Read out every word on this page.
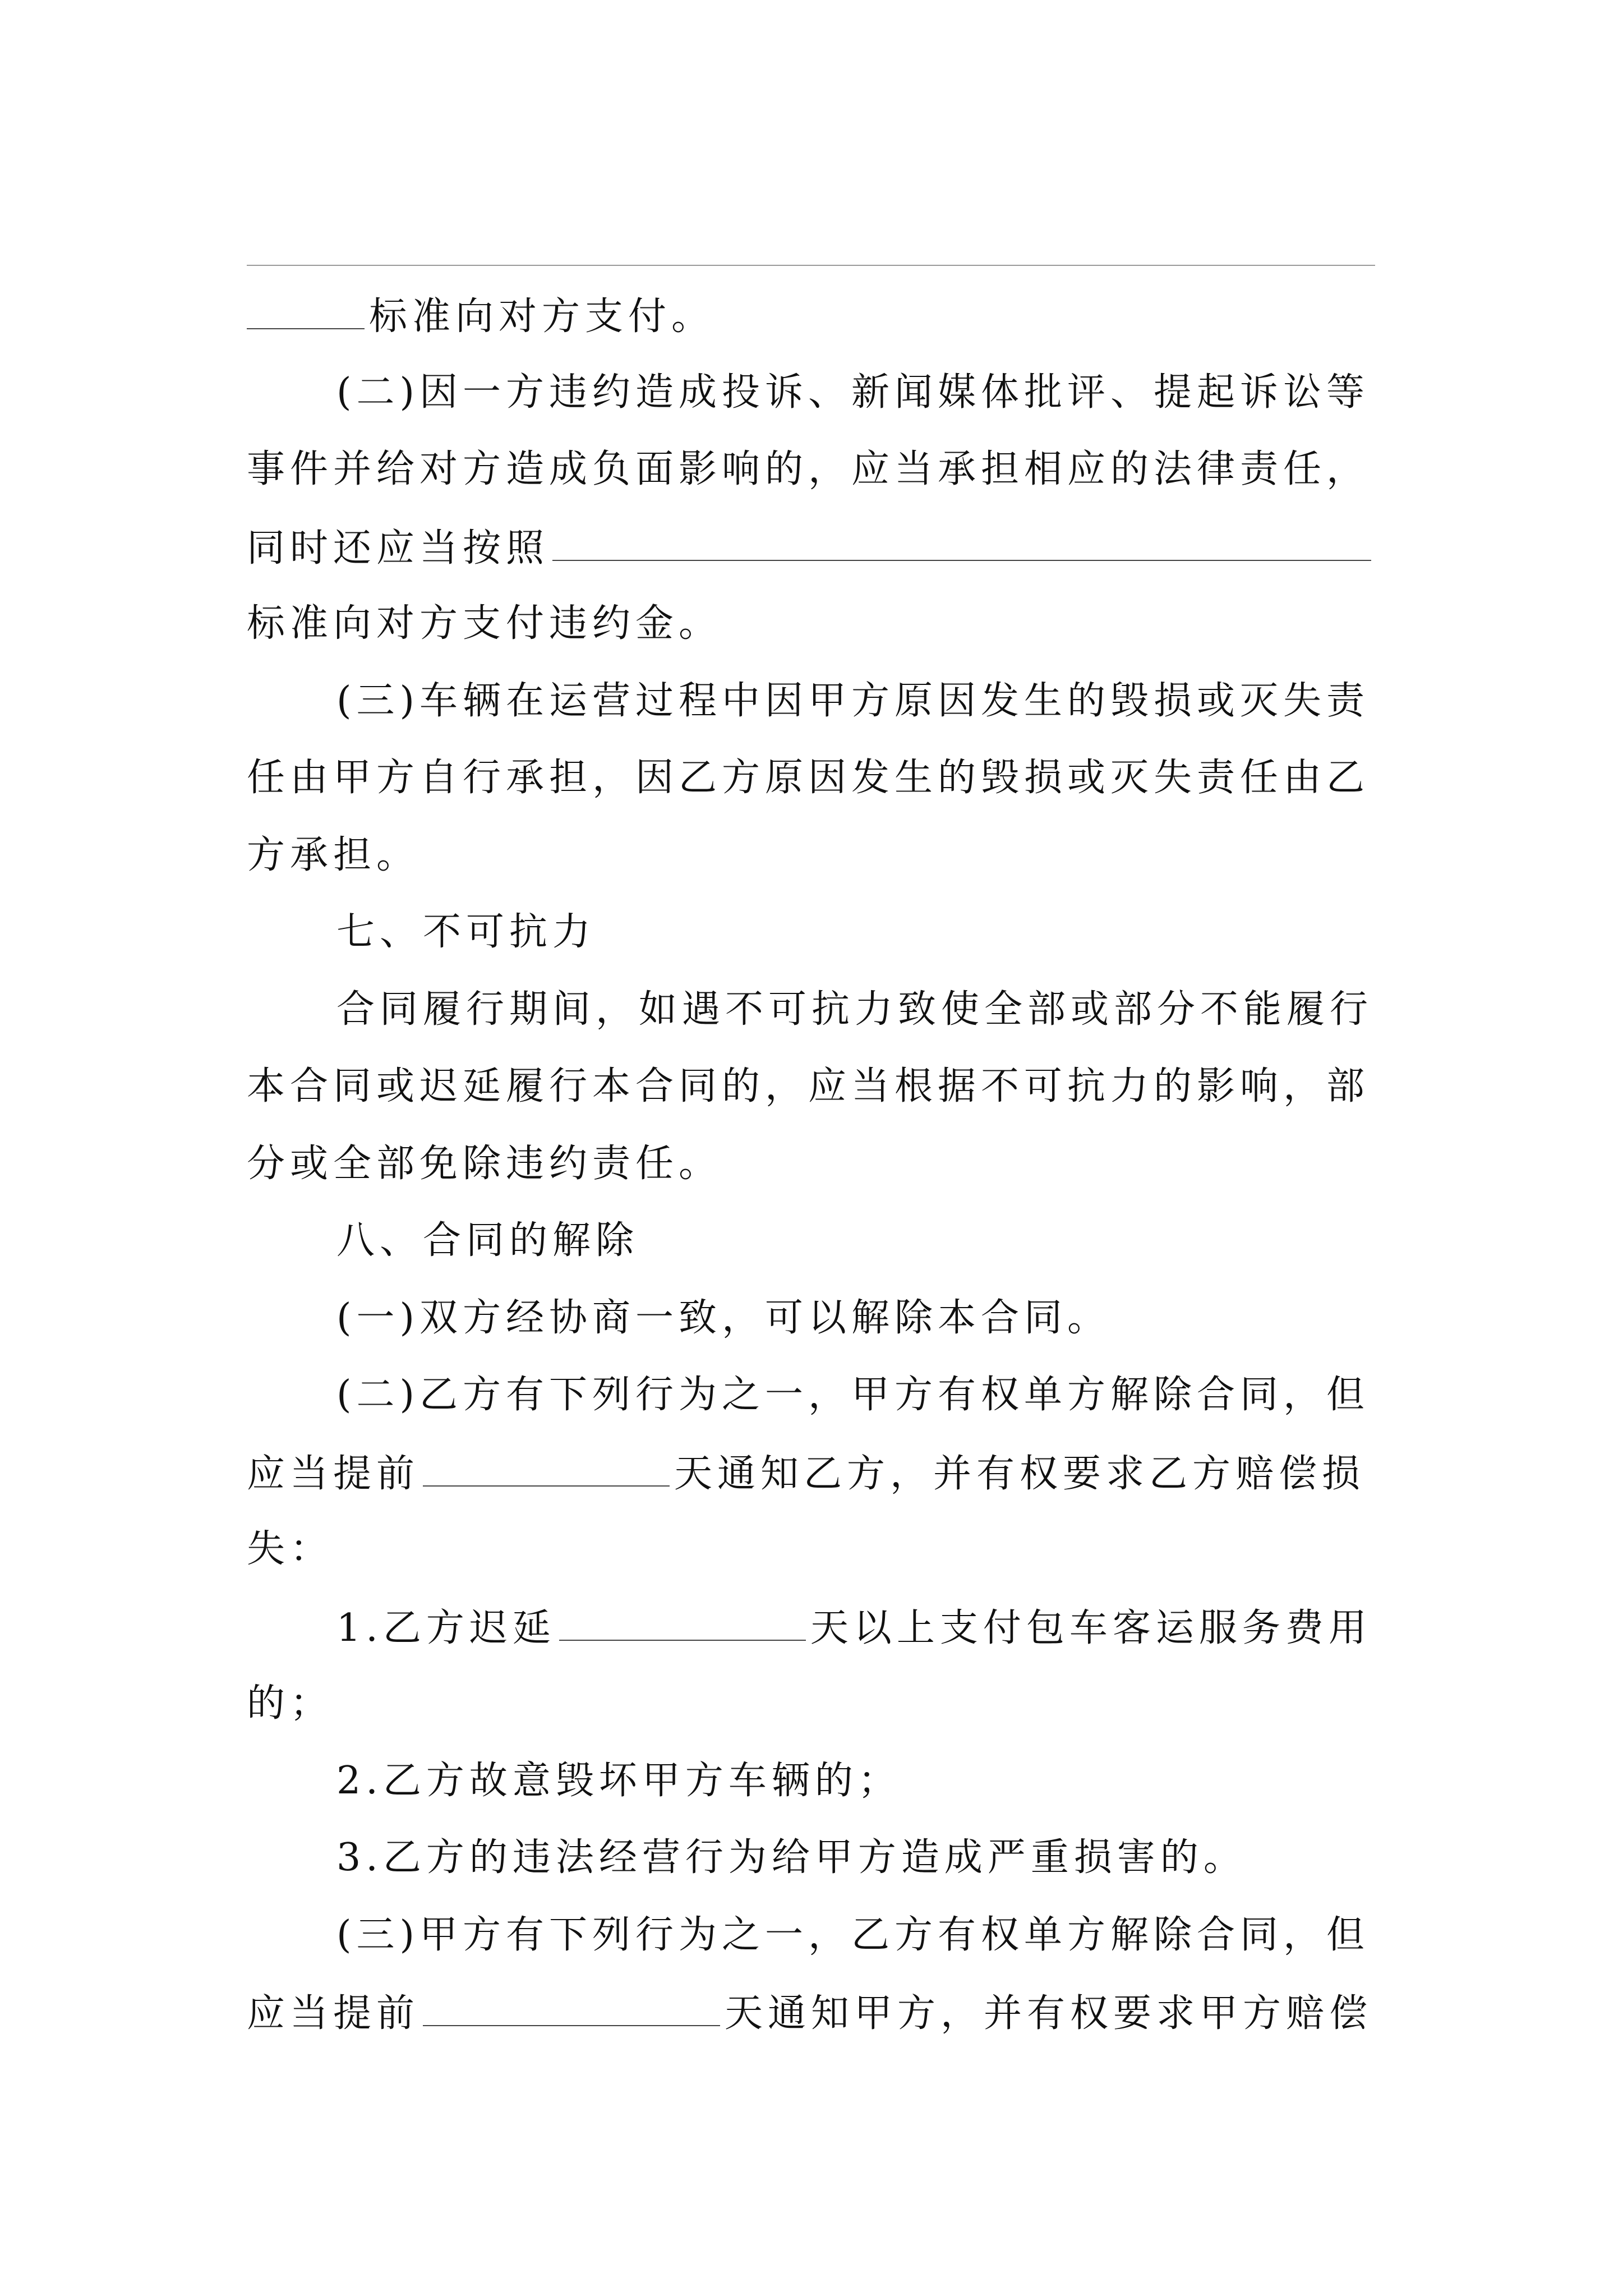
标准向对方支付。
(二)因一方违约造成投诉、新闻媒体批评、提起诉讼等
事件并给对方造成负面影响的，应当承担相应的法律责任，
同时还应当按照
标准向对方支付违约金。
(三)车辆在运营过程中因甲方原因发生的毁损或灭失责
任由甲方自行承担，因乙方原因发生的毁损或灭失责任由乙
方承担。
七、不可抗力
合同履行期间，如遇不可抗力致使全部或部分不能履行
本合同或迟延履行本合同的，应当根据不可抗力的影响，部
分或全部免除违约责任。
八、合同的解除
(一)双方经协商一致，可以解除本合同。
(二)乙方有下列行为之一，甲方有权单方解除合同，但
应当提前	天通知乙方，并有权要求乙方赔偿损
失：
1.乙方迟延	天以上支付包车客运服务费用
的；
2.乙方故意毁坏甲方车辆的；
3.乙方的违法经营行为给甲方造成严重损害的。
(三)甲方有下列行为之一，乙方有权单方解除合同，但
应当提前	天通知甲方，并有权要求甲方赔偿
